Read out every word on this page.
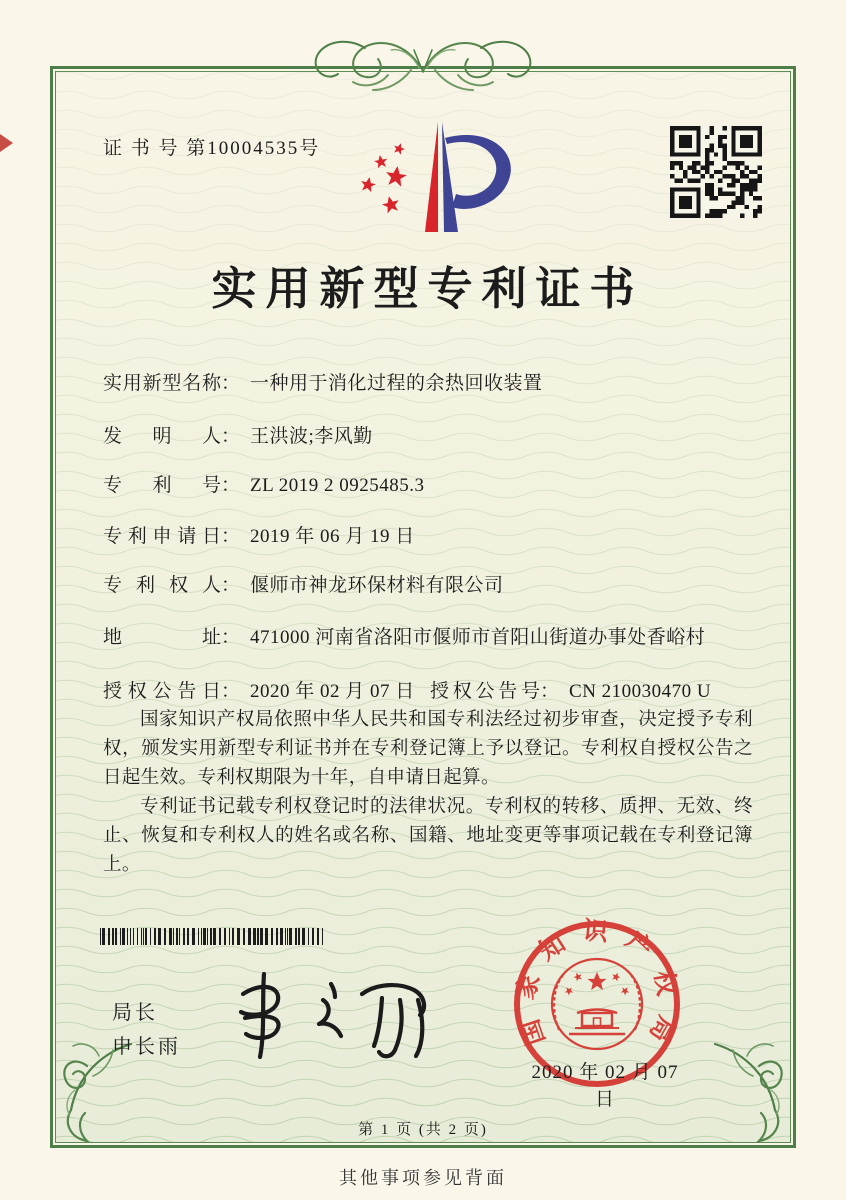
证 书 号 第10004535号
实用新型专利证书
实用新型名称： 一种用于消化过程的余热回收装置
发明人： 王洪波;李风勤
专利号： ZL 2019 2 0925485.3
专利申请日： 2019 年 06 月 19 日
专利权人： 偃师市神龙环保材料有限公司
地址： 471000 河南省洛阳市偃师市首阳山街道办事处香峪村
授权公告日： 2020 年 02 月 07 日 授权公告号： CN 210030470 U

国家知识产权局依照中华人民共和国专利法经过初步审查，决定授予专利权，颁发实用新型专利证书并在专利登记簿上予以登记。专利权自授权公告之日起生效。专利权期限为十年，自申请日起算。

专利证书记载专利权登记时的法律状况。专利权的转移、质押、无效、终止、恢复和专利权人的姓名或名称、国籍、地址变更等事项记载在专利登记簿上。

局长
申长雨	国家知识产权局
2020 年 02 月 07 日
第 1 页 (共 2 页)
其他事项参见背面
